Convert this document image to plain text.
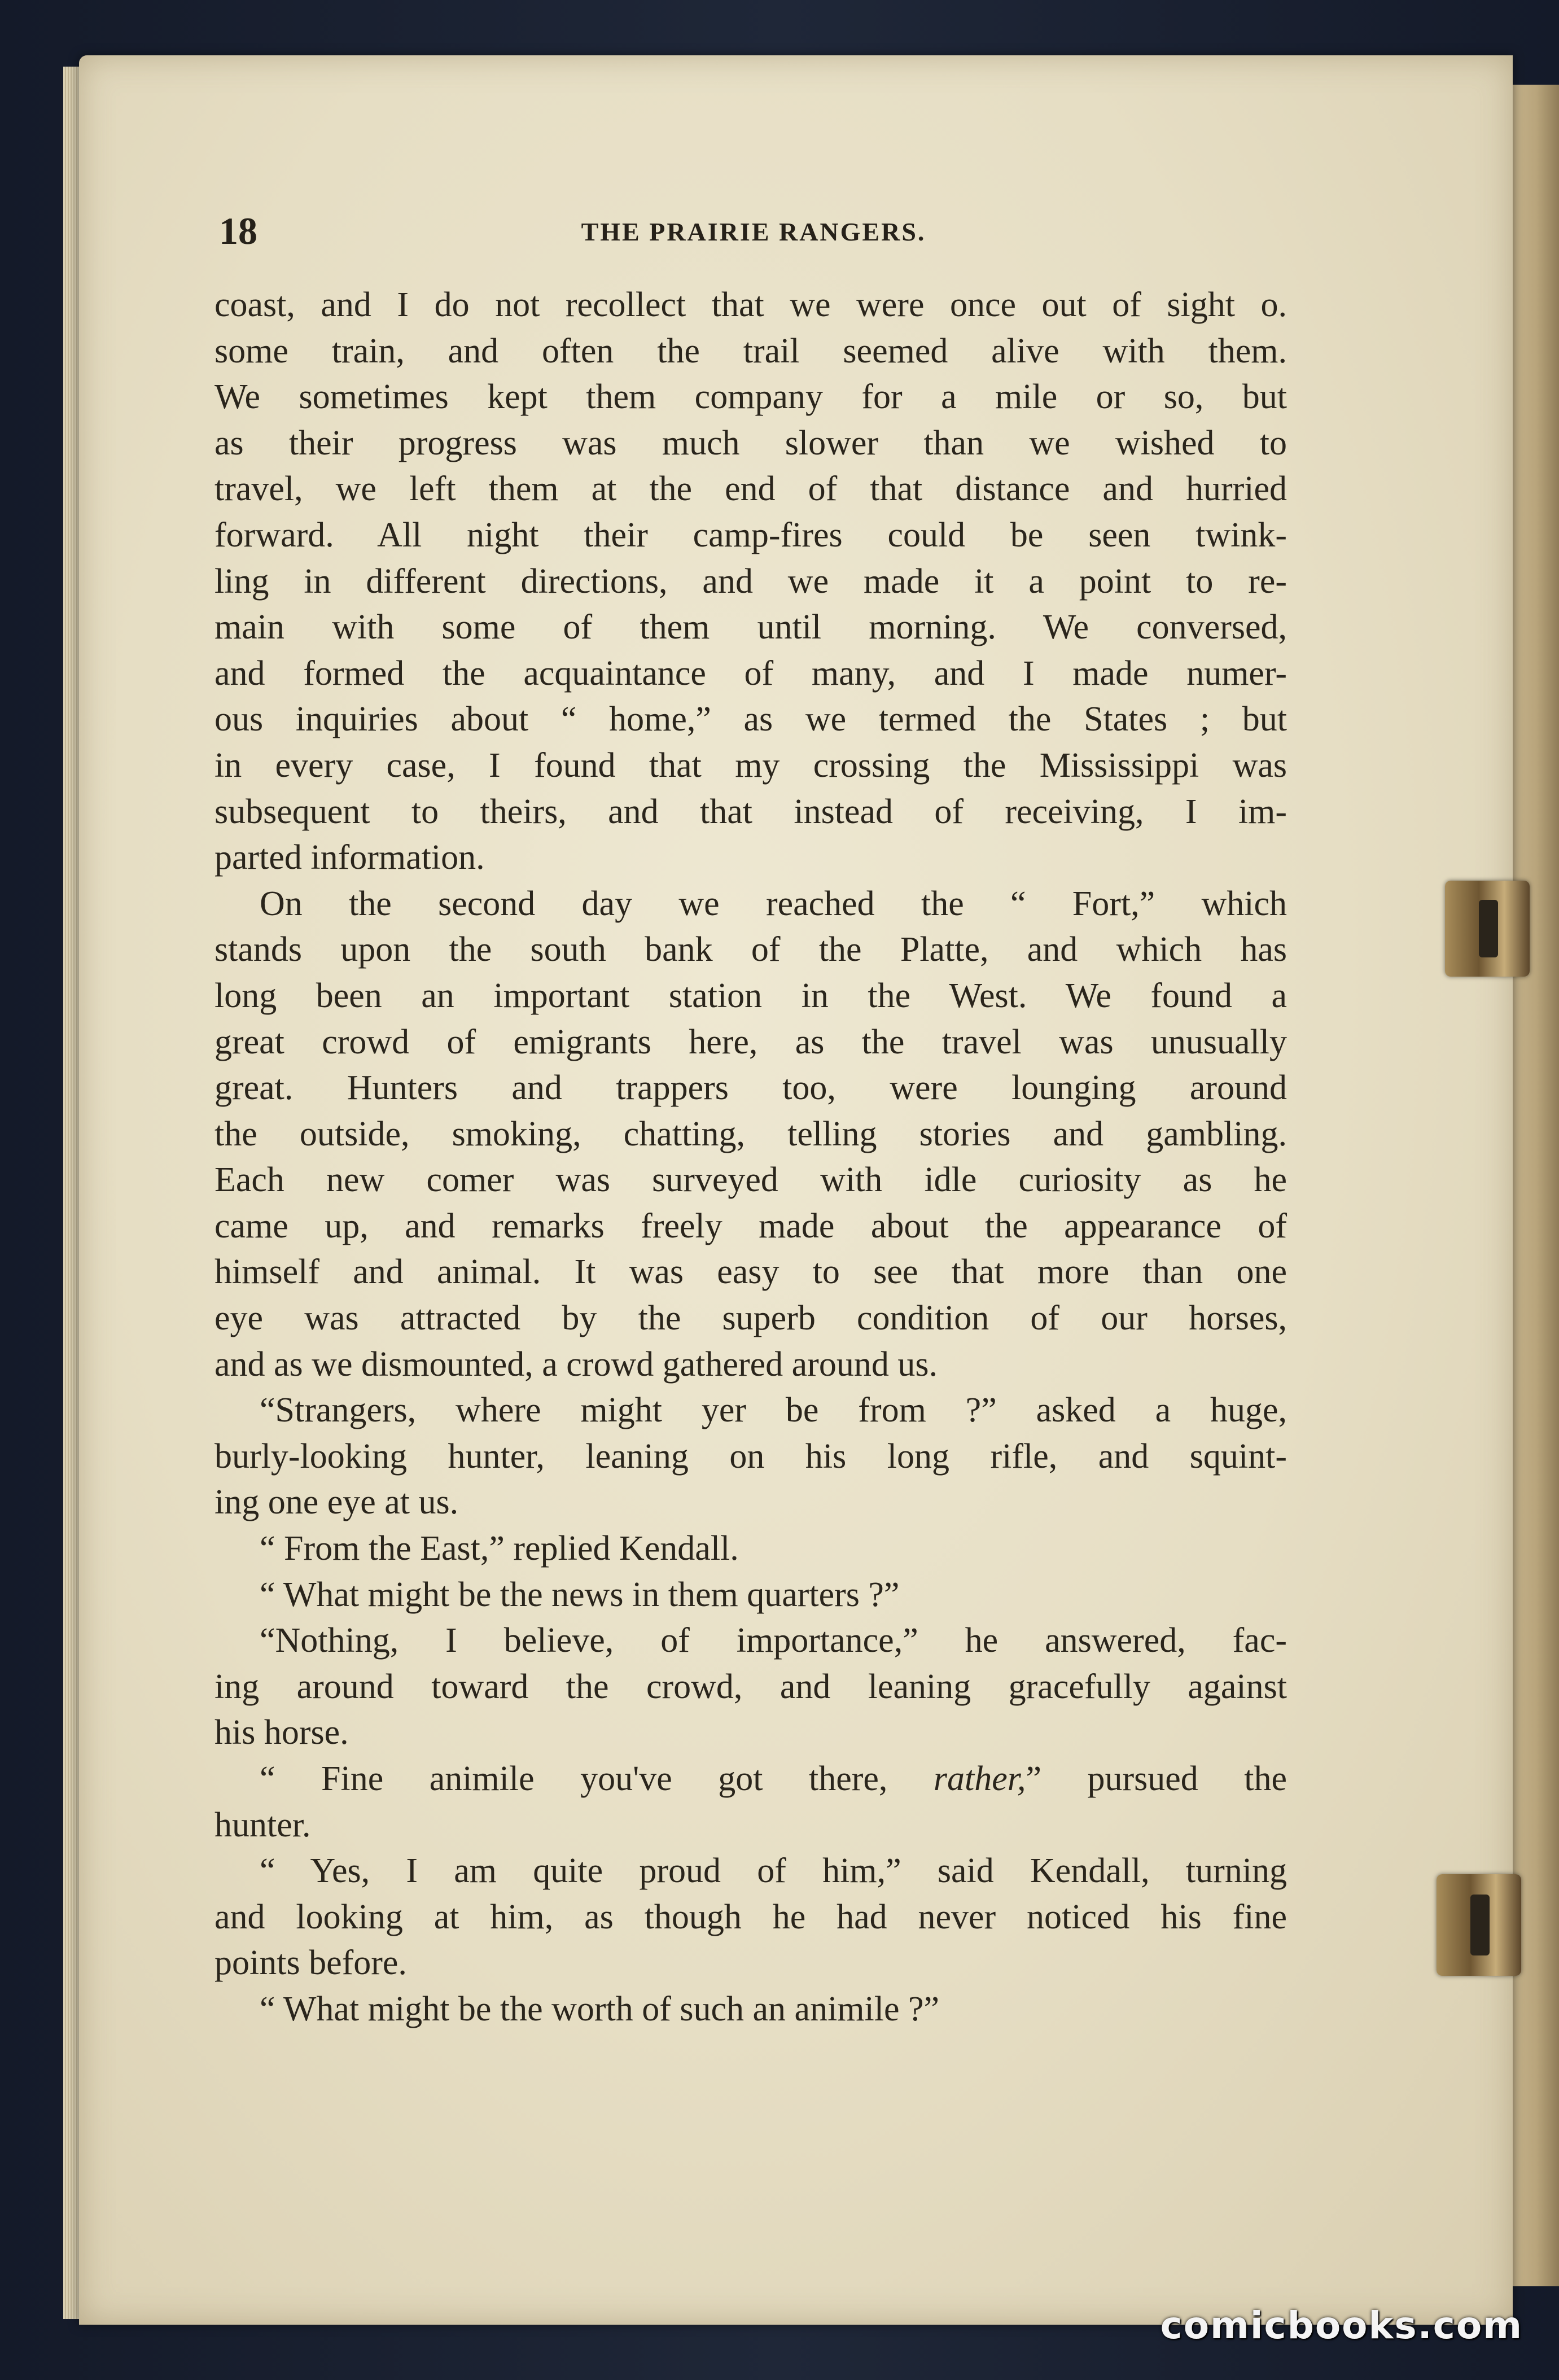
18	THE PRAIRIE RANGERS.
coast, and I do not recollect that we were once out of sight o.
some train, and often the trail seemed alive with them.
We sometimes kept them company for a mile or so, but
as their progress was much slower than we wished to
travel, we left them at the end of that distance and hurried
forward. All night their camp-fires could be seen twink-
ling in different directions, and we made it a point to re-
main with some of them until morning. We conversed,
and formed the acquaintance of many, and I made numer-
ous inquiries about “ home,” as we termed the States ; but
in every case, I found that my crossing the Mississippi was
subsequent to theirs, and that instead of receiving, I im-
parted information.
On the second day we reached the “ Fort,” which
stands upon the south bank of the Platte, and which has
long been an important station in the West. We found a
great crowd of emigrants here, as the travel was unusually
great. Hunters and trappers too, were lounging around
the outside, smoking, chatting, telling stories and gambling.
Each new comer was surveyed with idle curiosity as he
came up, and remarks freely made about the appearance of
himself and animal. It was easy to see that more than one
eye was attracted by the superb condition of our horses,
and as we dismounted, a crowd gathered around us.
“Strangers, where might yer be from ?” asked a huge,
burly-looking hunter, leaning on his long rifle, and squint-
ing one eye at us.
“ From the East,” replied Kendall.
“ What might be the news in them quarters ?”
“Nothing, I believe, of importance,” he answered, fac-
ing around toward the crowd, and leaning gracefully against
his horse.
“ Fine animile you've got there, rather,” pursued the
hunter.
“ Yes, I am quite proud of him,” said Kendall, turning
and looking at him, as though he had never noticed his fine
points before.
“ What might be the worth of such an animile ?”
comicbooks.com
